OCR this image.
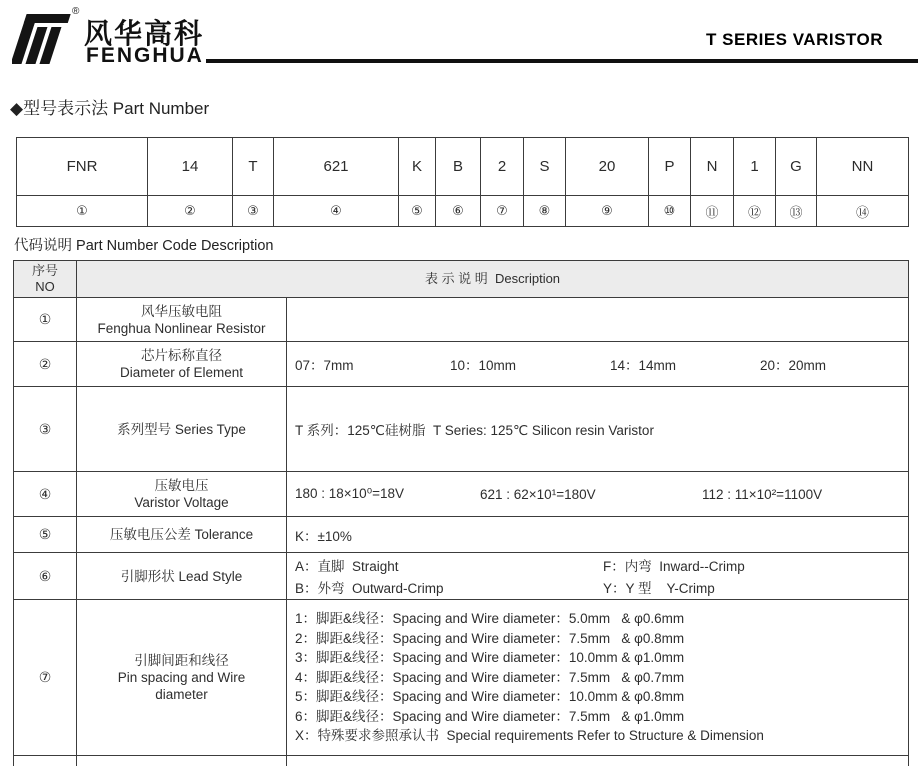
®
风华高科
FENGHUA
T SERIES VARISTOR
◆型号表示法 Part Number
FNR	14	T	621	K	B	2	S	20	P	N	1	G	NN
①	②	③	④	⑤	⑥	⑦	⑧	⑨	⑩	⑪	⑫	⑬	⑭
代码说明 Part Number Code Description
序号
NO	表 示 说 明  Description	
①	风华压敏电阻
Fenghua Nonlinear Resistor	

②	芯片标称直径
Diameter of Element	07：7mm	10：10mm	14：14mm	20：20mm

③	系列型号 Series Type	T 系列：125℃硅树脂  T Series: 125℃ Silicon resin Varistor
④	压敏电压
Varistor Voltage

180 : 18×10⁰=18V	621 : 62×10¹=180V	112 : 11×10²=1100V

⑤	压敏电压公差 Tolerance	K：±10%
⑥	引脚形状 Lead Style	A：直脚  Straight F：内弯  Inward--Crimp
B：外弯  Outward-Crimp Y：Y 型    Y-Crimp

⑦	
引脚间距和线径
Pin spacing and Wire
diameter

1：脚距&线径：Spacing and Wire diameter：5.0mm   & φ0.6mm
2：脚距&线径：Spacing and Wire diameter：7.5mm   & φ0.8mm
3：脚距&线径：Spacing and Wire diameter：10.0mm & φ1.0mm
4：脚距&线径：Spacing and Wire diameter：7.5mm   & φ0.7mm
5：脚距&线径：Spacing and Wire diameter：10.0mm & φ0.8mm
6：脚距&线径：Spacing and Wire diameter：7.5mm   & φ1.0mm
X：特殊要求参照承认书  Special requirements Refer to Structure & Dimension
